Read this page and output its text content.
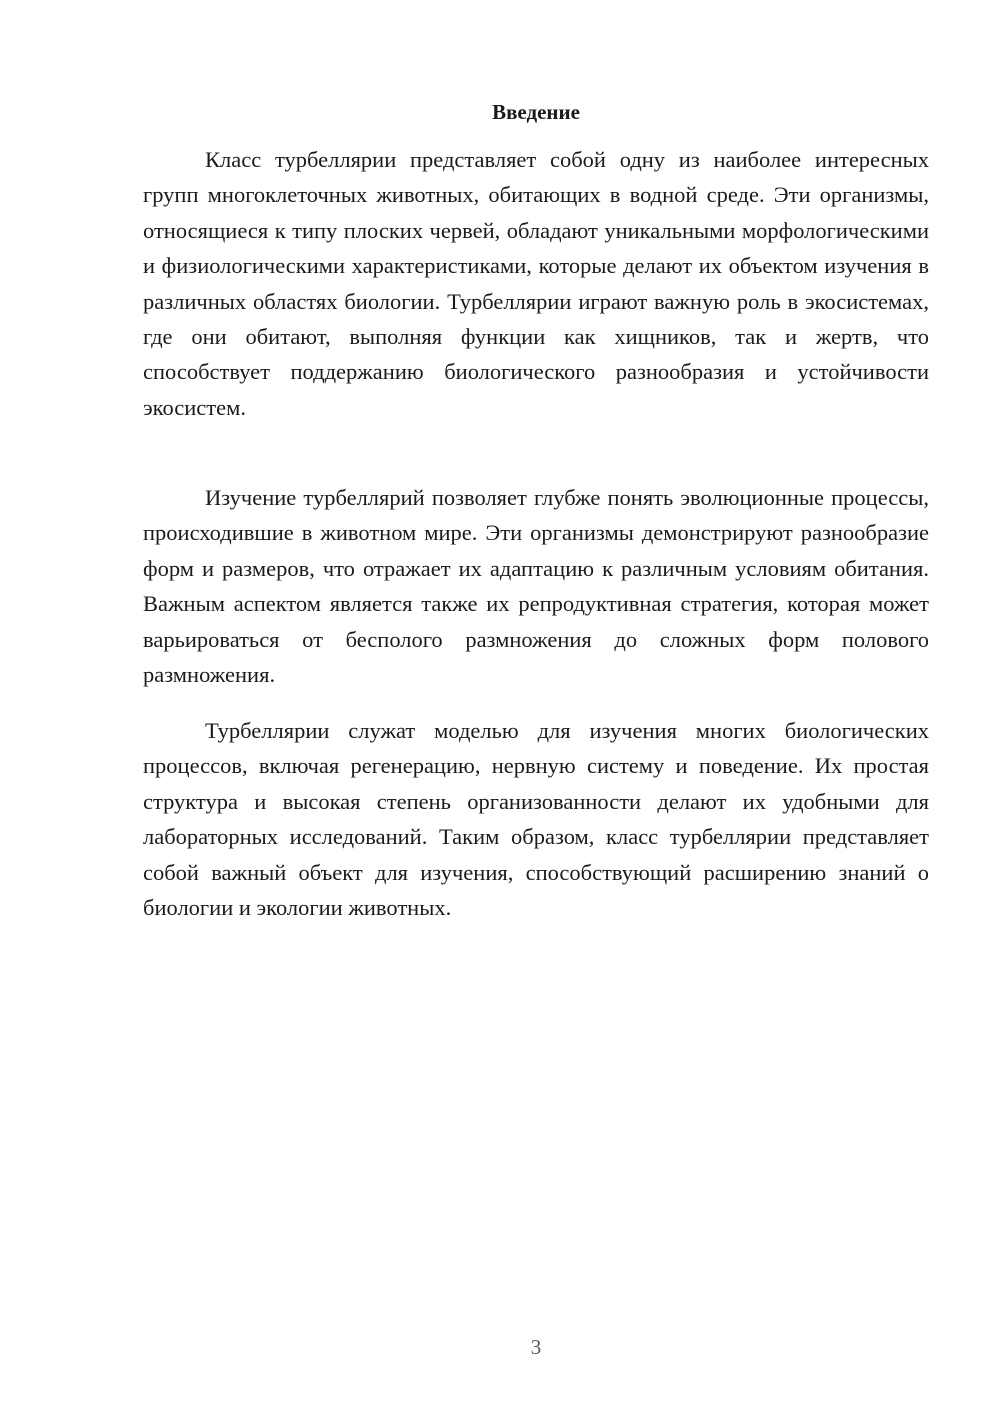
Введение

Класс турбеллярии представляет собой одну из наиболее интересных групп многоклеточных животных, обитающих в водной среде. Эти организмы, относящиеся к типу плоских червей, обладают уникальными морфологическими и физиологическими характеристиками, которые делают их объектом изучения в различных областях биологии. Турбеллярии играют важную роль в экосистемах, где они обитают, выполняя функции как хищников, так и жертв, что способствует поддержанию биологического разнообразия и устойчивости экосистем.

Изучение турбеллярий позволяет глубже понять эволюционные процессы, происходившие в животном мире. Эти организмы демонстрируют разнообразие форм и размеров, что отражает их адаптацию к различным условиям обитания. Важным аспектом является также их репродуктивная стратегия, которая может варьироваться от бесполого размножения до сложных форм полового размножения.

Турбеллярии служат моделью для изучения многих биологических процессов, включая регенерацию, нервную систему и поведение. Их простая структура и высокая степень организованности делают их удобными для лабораторных исследований. Таким образом, класс турбеллярии представляет собой важный объект для изучения, способствующий расширению знаний о биологии и экологии животных.

3
